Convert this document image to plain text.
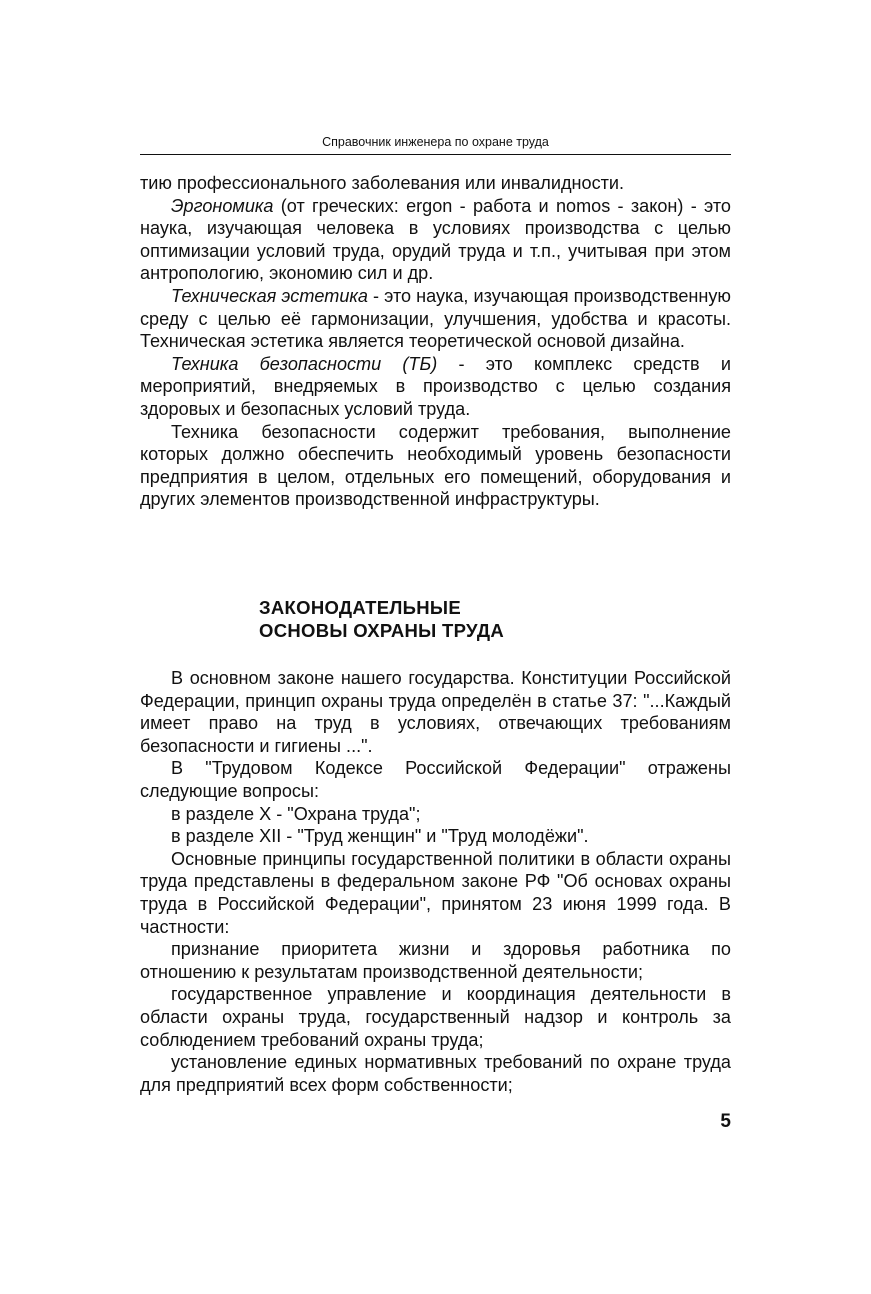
Справочник инженера по охране труда

тию профессионального заболевания или инвалидности.

Эргономика (от греческих: ergon - работа и nomos - закон) - это наука, изучающая человека в условиях производства с целью оптимизации условий труда, орудий труда и т.п., учитывая при этом антропологию, экономию сил и др.

Техническая эстетика - это наука, изучающая производственную среду с целью её гармонизации, улучшения, удобства и красоты. Техническая эстетика является теоретической основой дизайна.

Техника безопасности (ТБ) - это комплекс средств и мероприятий, внедряемых в производство с целью создания здоровых и безопасных условий труда.

Техника безопасности содержит требования, выполнение которых должно обеспечить необходимый уровень безопасности предприятия в целом, отдельных его помещений, оборудования и других элементов производственной инфраструктуры.

ЗАКОНОДАТЕЛЬНЫЕ
ОСНОВЫ ОХРАНЫ ТРУДА

В основном законе нашего государства. Конституции Российской Федерации, принцип охраны труда определён в статье 37: "...Каждый имеет право на труд в условиях, отвечающих требованиям безопасности и гигиены ...".

В "Трудовом Кодексе Российской Федерации" отражены следующие вопросы:

в разделе X - "Охрана труда";

в разделе XII - "Труд женщин" и "Труд молодёжи".

Основные принципы государственной политики в области охраны труда представлены в федеральном законе РФ "Об основах охраны труда в Российской Федерации", принятом 23 июня 1999 года. В частности:

признание приоритета жизни и здоровья работника по отношению к результатам производственной деятельности;

государственное управление и координация деятельности в области охраны труда, государственный надзор и контроль за соблюдением требований охраны труда;

установление единых нормативных требований по охране труда для предприятий всех форм собственности;

5
